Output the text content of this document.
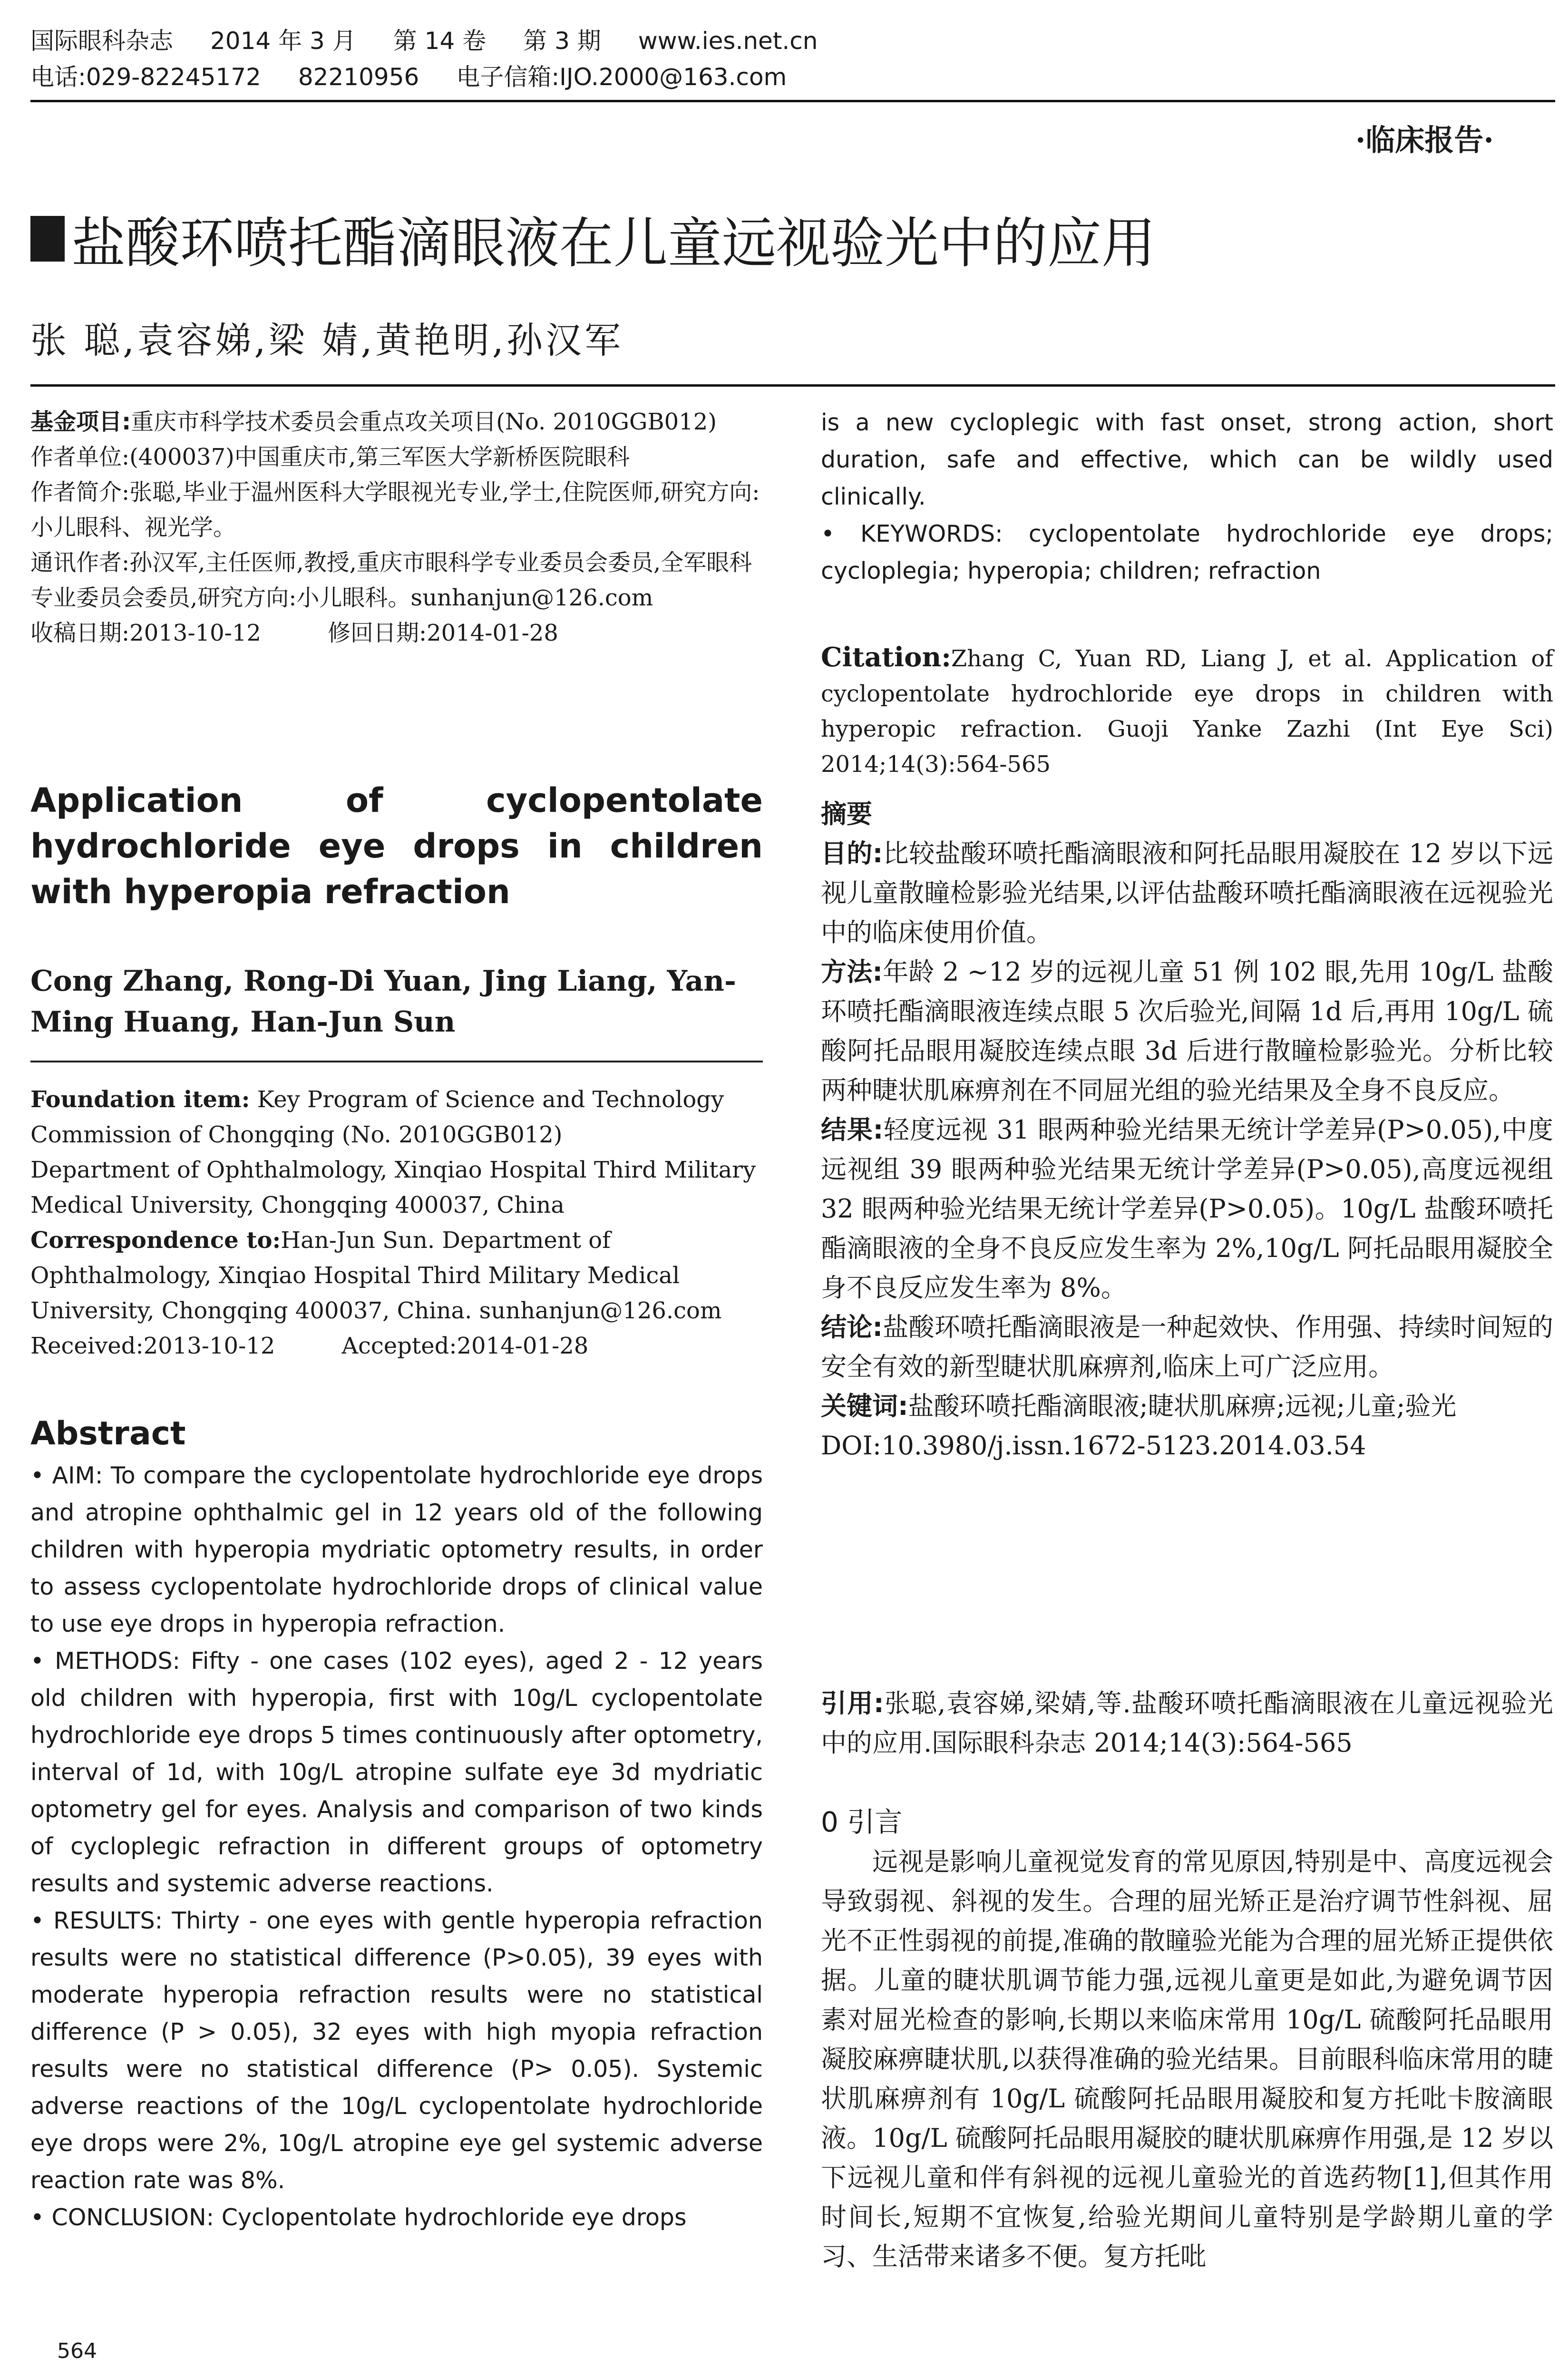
国际眼科杂志 2014 年 3 月 第 14 卷 第 3 期 www.ies.net.cn
电话:029-82245172 82210956 电子信箱:IJO.2000@163.com
·临床报告·
盐酸环喷托酯滴眼液在儿童远视验光中的应用
张 聪,袁容娣,梁 婧,黄艳明,孙汉军
基金项目:重庆市科学技术委员会重点攻关项目(No. 2010GGB012)
作者单位:(400037)中国重庆市,第三军医大学新桥医院眼科
作者简介:张聪,毕业于温州医科大学眼视光专业,学士,住院医师,研究方向:小儿眼科、视光学。
通讯作者:孙汉军,主任医师,教授,重庆市眼科学专业委员会委员,全军眼科专业委员会委员,研究方向:小儿眼科。sunhanjun@126.com
收稿日期:2013-10-12	修回日期:2014-01-28
Application of cyclopentolate hydrochloride eye drops in children with hyperopia refraction
Cong Zhang, Rong-Di Yuan, Jing Liang, Yan-Ming Huang, Han-Jun Sun
Foundation item: Key Program of Science and Technology Commission of Chongqing (No. 2010GGB012)
Department of Ophthalmology, Xinqiao Hospital Third Military Medical University, Chongqing 400037, China
Correspondence to:Han-Jun Sun. Department of Ophthalmology, Xinqiao Hospital Third Military Medical University, Chongqing 400037, China. sunhanjun@126.com
Received:2013-10-12	Accepted:2014-01-28
Abstract

• AIM: To compare the cyclopentolate hydrochloride eye drops and atropine ophthalmic gel in 12 years old of the following children with hyperopia mydriatic optometry results, in order to assess cyclopentolate hydrochloride drops of clinical value to use eye drops in hyperopia refraction.

• METHODS: Fifty - one cases (102 eyes), aged 2 - 12 years old children with hyperopia, first with 10g/L cyclopentolate hydrochloride eye drops 5 times continuously after optometry, interval of 1d, with 10g/L atropine sulfate eye 3d mydriatic optometry gel for eyes. Analysis and comparison of two kinds of cycloplegic refraction in different groups of optometry results and systemic adverse reactions.

• RESULTS: Thirty - one eyes with gentle hyperopia refraction results were no statistical difference (P>0.05), 39 eyes with moderate hyperopia refraction results were no statistical difference (P > 0.05), 32 eyes with high myopia refraction results were no statistical difference (P> 0.05). Systemic adverse reactions of the 10g/L cyclopentolate hydrochloride eye drops were 2%, 10g/L atropine eye gel systemic adverse reaction rate was 8%.

• CONCLUSION: Cyclopentolate hydrochloride eye drops

564

is a new cycloplegic with fast onset, strong action, short duration, safe and effective, which can be wildly used clinically.

• KEYWORDS: cyclopentolate hydrochloride eye drops; cycloplegia; hyperopia; children; refraction

Citation:Zhang C, Yuan RD, Liang J, et al. Application of cyclopentolate hydrochloride eye drops in children with hyperopic refraction. Guoji Yanke Zazhi (Int Eye Sci) 2014;14(3):564-565
摘要

目的:比较盐酸环喷托酯滴眼液和阿托品眼用凝胶在 12 岁以下远视儿童散瞳检影验光结果,以评估盐酸环喷托酯滴眼液在远视验光中的临床使用价值。

方法:年龄 2 ~12 岁的远视儿童 51 例 102 眼,先用 10g/L 盐酸环喷托酯滴眼液连续点眼 5 次后验光,间隔 1d 后,再用 10g/L 硫酸阿托品眼用凝胶连续点眼 3d 后进行散瞳检影验光。分析比较两种睫状肌麻痹剂在不同屈光组的验光结果及全身不良反应。

结果:轻度远视 31 眼两种验光结果无统计学差异(P>0.05),中度远视组 39 眼两种验光结果无统计学差异(P>0.05),高度远视组 32 眼两种验光结果无统计学差异(P>0.05)。10g/L 盐酸环喷托酯滴眼液的全身不良反应发生率为 2%,10g/L 阿托品眼用凝胶全身不良反应发生率为 8%。

结论:盐酸环喷托酯滴眼液是一种起效快、作用强、持续时间短的安全有效的新型睫状肌麻痹剂,临床上可广泛应用。

关键词:盐酸环喷托酯滴眼液;睫状肌麻痹;远视;儿童;验光

DOI:10.3980/j.issn.1672-5123.2014.03.54

引用:张聪,袁容娣,梁婧,等.盐酸环喷托酯滴眼液在儿童远视验光中的应用.国际眼科杂志 2014;14(3):564-565
0 引言

远视是影响儿童视觉发育的常见原因,特别是中、高度远视会导致弱视、斜视的发生。合理的屈光矫正是治疗调节性斜视、屈光不正性弱视的前提,准确的散瞳验光能为合理的屈光矫正提供依据。儿童的睫状肌调节能力强,远视儿童更是如此,为避免调节因素对屈光检查的影响,长期以来临床常用 10g/L 硫酸阿托品眼用凝胶麻痹睫状肌,以获得准确的验光结果。目前眼科临床常用的睫状肌麻痹剂有 10g/L 硫酸阿托品眼用凝胶和复方托吡卡胺滴眼液。10g/L 硫酸阿托品眼用凝胶的睫状肌麻痹作用强,是 12 岁以下远视儿童和伴有斜视的远视儿童验光的首选药物[1],但其作用时间长,短期不宜恢复,给验光期间儿童特别是学龄期儿童的学习、生活带来诸多不便。复方托吡
